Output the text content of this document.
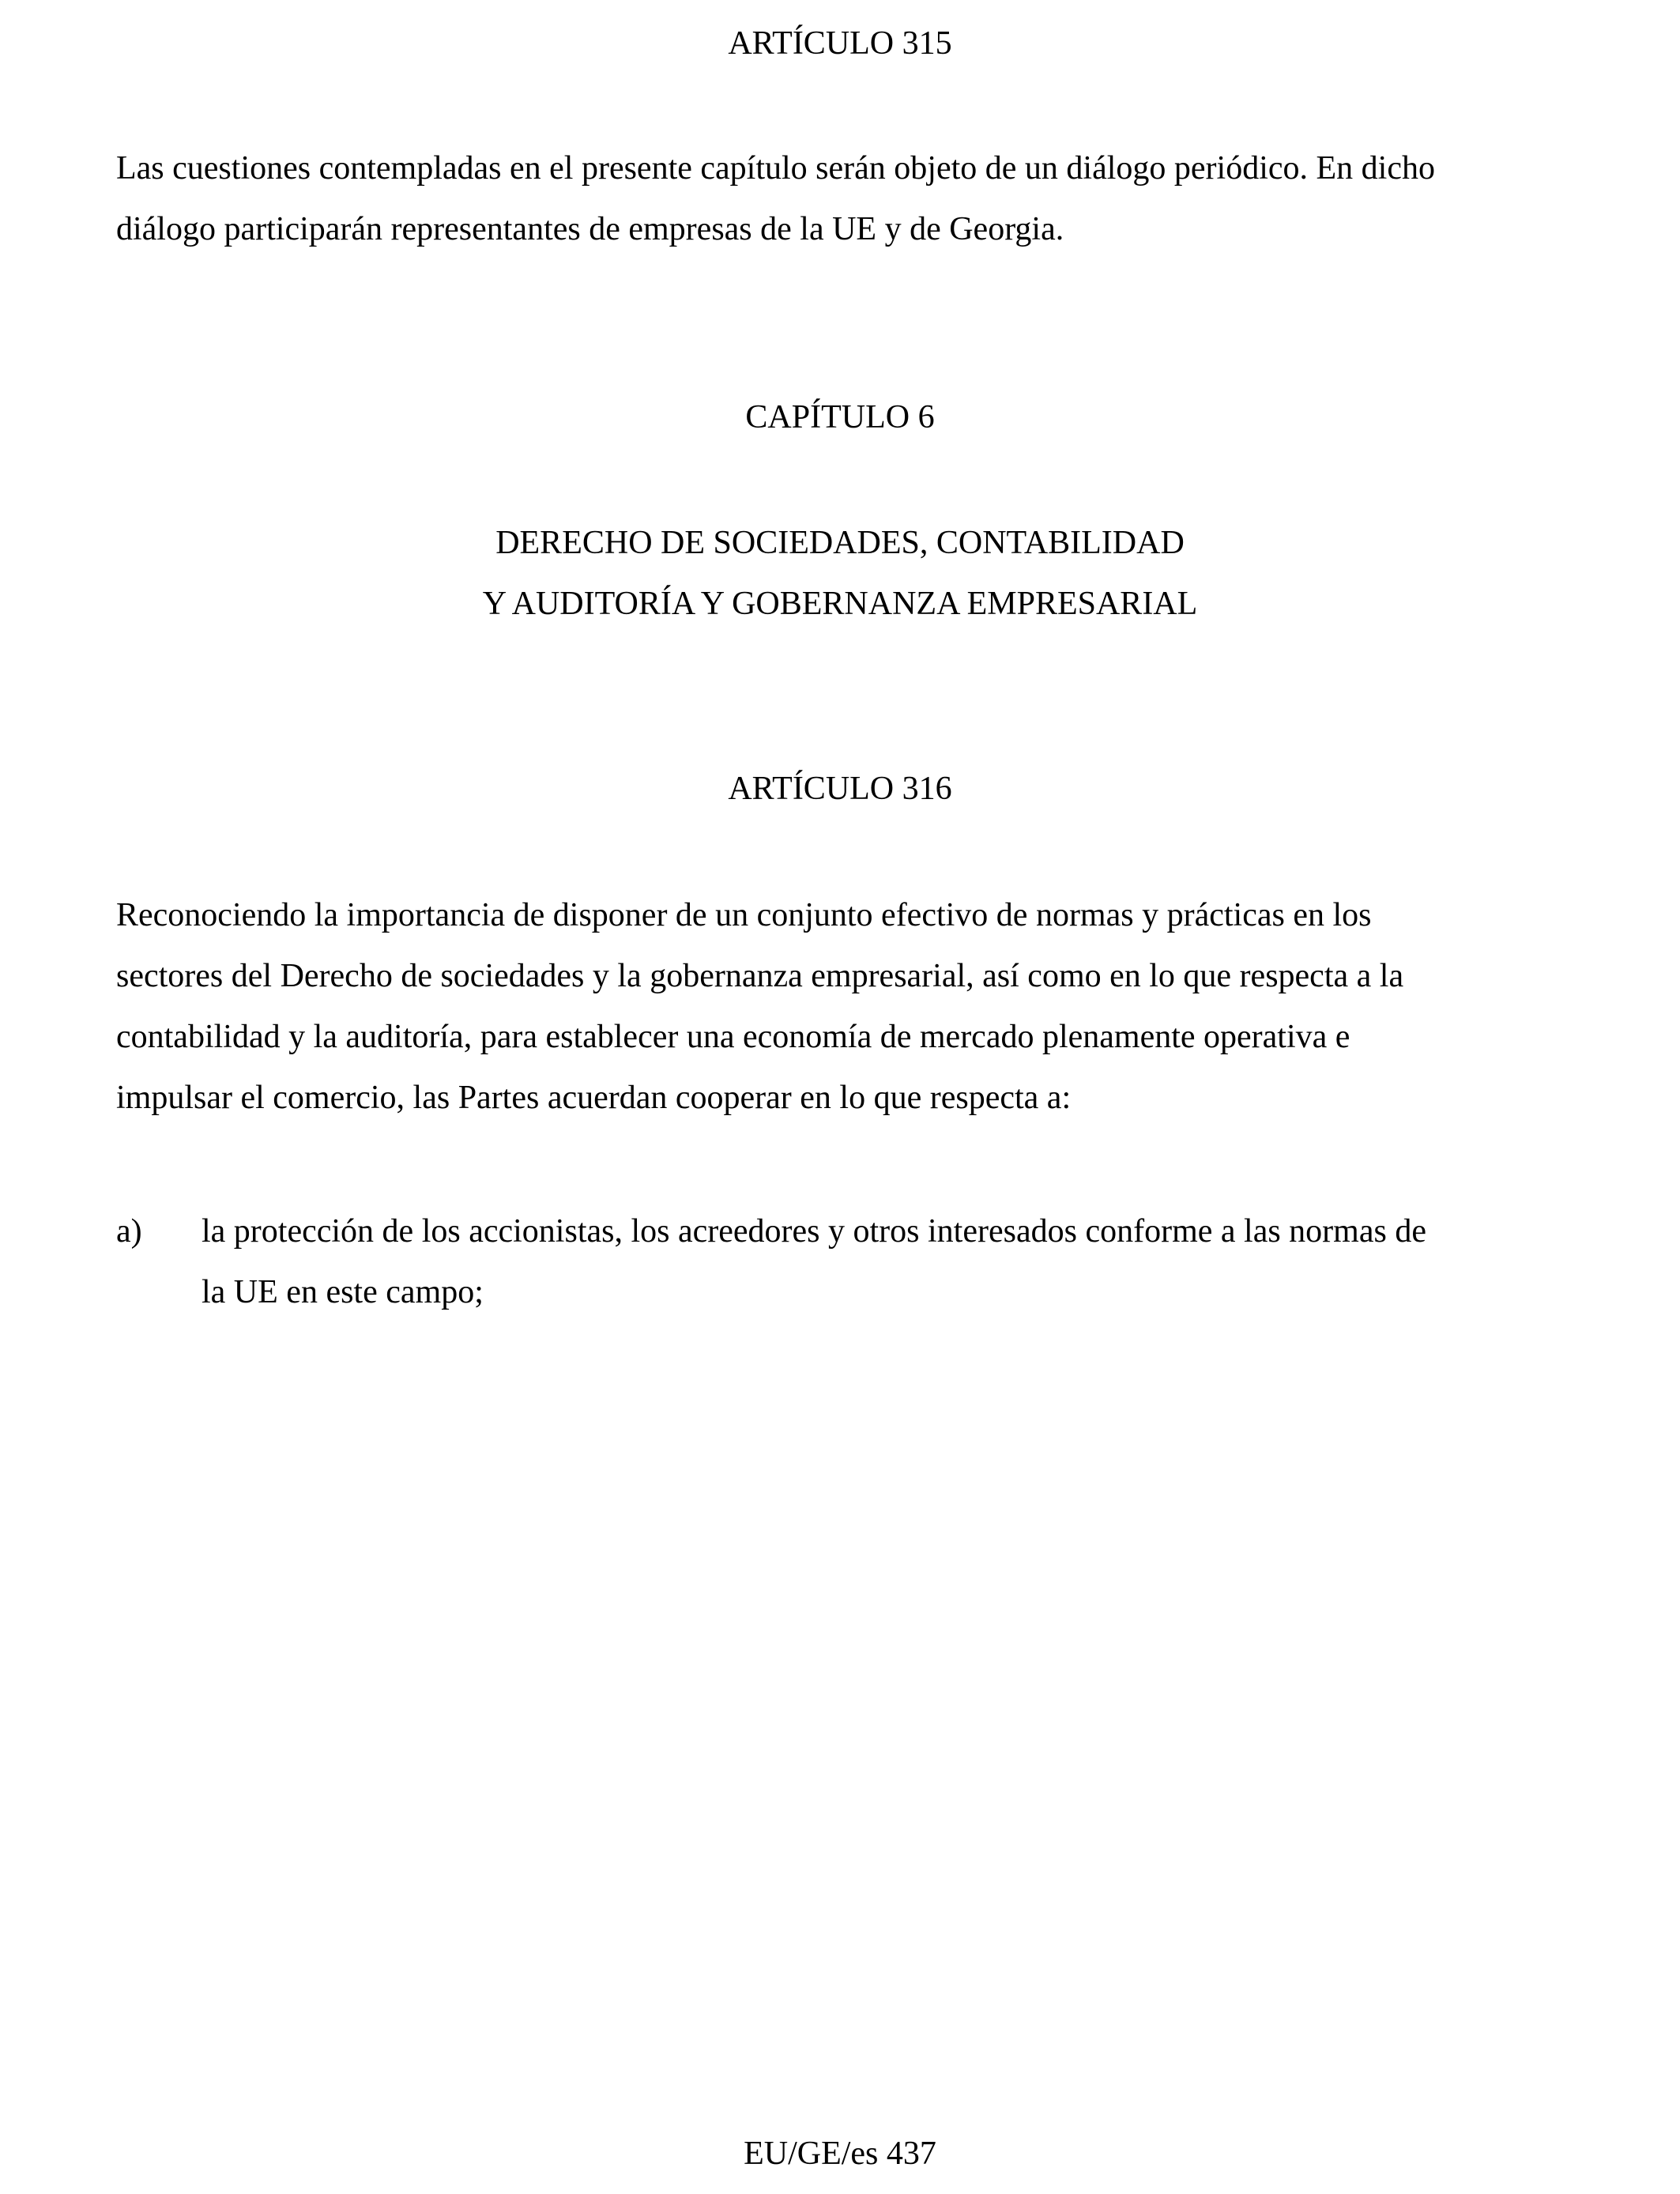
ARTÍCULO 315
Las cuestiones contempladas en el presente capítulo serán objeto de un diálogo periódico. En dicho
diálogo participarán representantes de empresas de la UE y de Georgia.
CAPÍTULO 6
DERECHO DE SOCIEDADES, CONTABILIDAD
Y AUDITORÍA Y GOBERNANZA EMPRESARIAL
ARTÍCULO 316
Reconociendo la importancia de disponer de un conjunto efectivo de normas y prácticas en los
sectores del Derecho de sociedades y la gobernanza empresarial, así como en lo que respecta a la
contabilidad y la auditoría, para establecer una economía de mercado plenamente operativa e
impulsar el comercio, las Partes acuerdan cooperar en lo que respecta a:
a) la protección de los accionistas, los acreedores y otros interesados conforme a las normas de
la UE en este campo;
EU/GE/es 437
